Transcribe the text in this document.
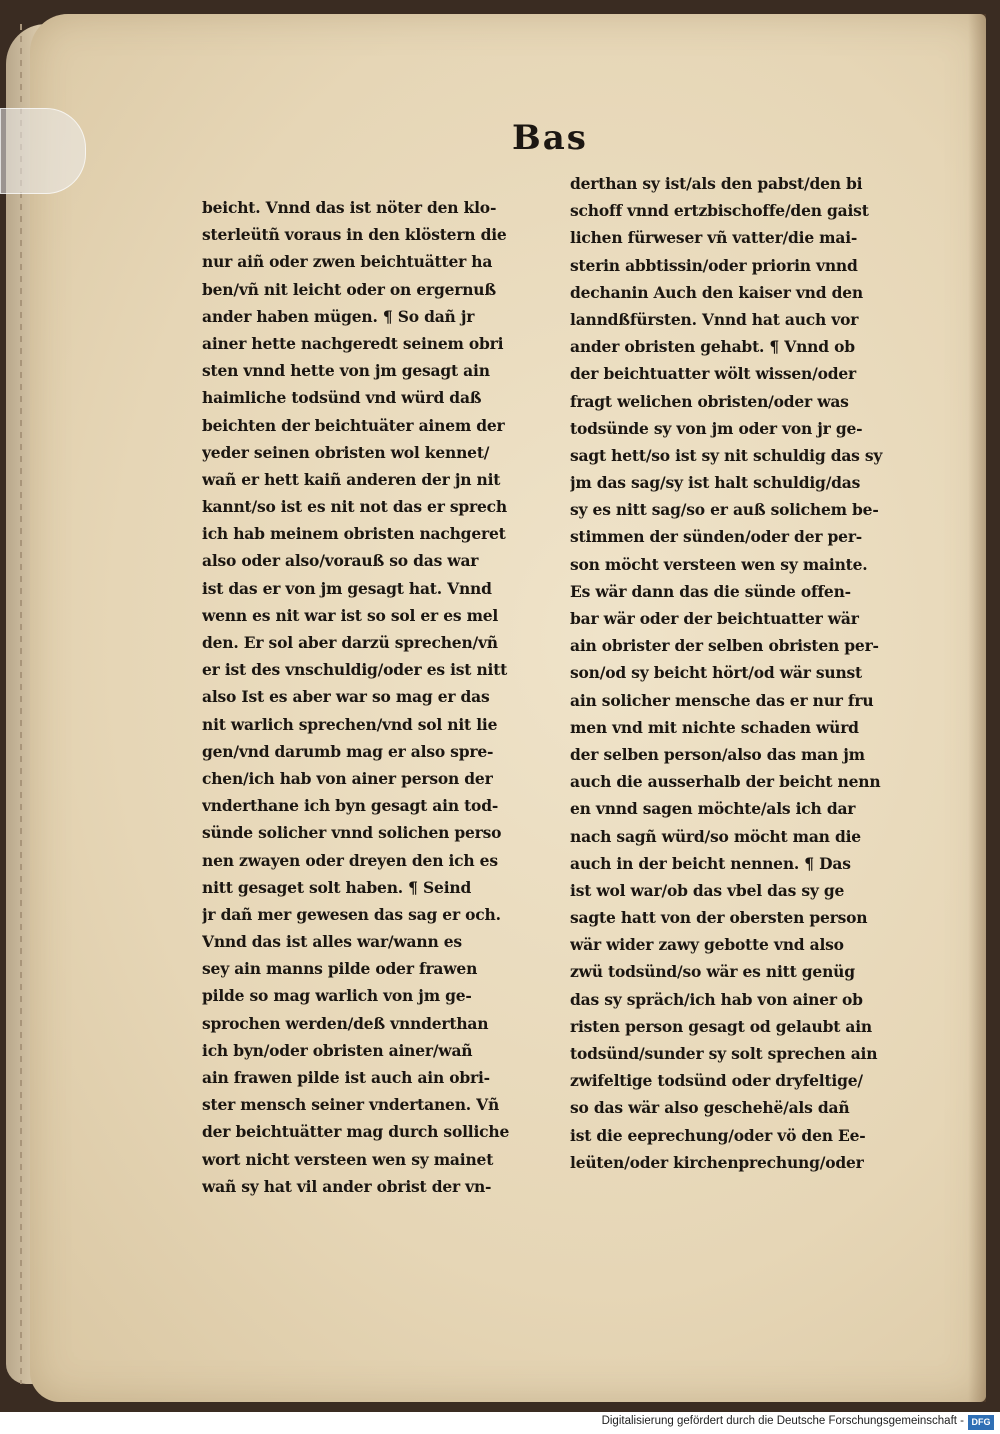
Bas
beicht. Vnnd das ist nöter den klo-
sterleütñ voraus in den klöstern die
nur aiñ oder zwen beichtuätter ha
ben/vñ nit leicht oder on ergernuß
ander haben mügen. ¶ So dañ jr
ainer hette nachgeredt seinem obri
sten vnnd hette von jm gesagt ain
haimliche todsünd vnd würd daß
beichten der beichtuäter ainem der
yeder seinen obristen wol kennet/
wañ er hett kaiñ anderen der jn nit
kannt/so ist es nit not das er sprech
ich hab meinem obristen nachgeret
also oder also/vorauß so das war
ist das er von jm gesagt hat. Vnnd
wenn es nit war ist so sol er es mel
den. Er sol aber darzü sprechen/vñ
er ist des vnschuldig/oder es ist nitt
also Ist es aber war so mag er das
nit warlich sprechen/vnd sol nit lie
gen/vnd darumb mag er also spre-
chen/ich hab von ainer person der
vnderthane ich byn gesagt ain tod-
sünde solicher vnnd solichen perso
nen zwayen oder dreyen den ich es
nitt gesaget solt haben. ¶ Seind
jr dañ mer gewesen das sag er och.
Vnnd das ist alles war/wann es
sey ain manns pilde oder frawen
pilde so mag warlich von jm ge-
sprochen werden/deß vnnderthan
ich byn/oder obristen ainer/wañ
ain frawen pilde ist auch ain obri-
ster mensch seiner vndertanen. Vñ
der beichtuätter mag durch solliche
wort nicht versteen wen sy mainet
wañ sy hat vil ander obrist der vn-
derthan sy ist/als den pabst/den bi
schoff vnnd ertzbischoffe/den gaist
lichen fürweser vñ vatter/die mai-
sterin abbtissin/oder priorin vnnd
dechanin Auch den kaiser vnd den
lanndßfürsten. Vnnd hat auch vor
ander obristen gehabt. ¶ Vnnd ob
der beichtuatter wölt wissen/oder
fragt welichen obristen/oder was
todsünde sy von jm oder von jr ge-
sagt hett/so ist sy nit schuldig das sy
jm das sag/sy ist halt schuldig/das
sy es nitt sag/so er auß solichem be-
stimmen der sünden/oder der per-
son möcht versteen wen sy mainte.
Es wär dann das die sünde offen-
bar wär oder der beichtuatter wär
ain obrister der selben obristen per-
son/od sy beicht hört/od wär sunst
ain solicher mensche das er nur fru
men vnd mit nichte schaden würd
der selben person/also das man jm
auch die ausserhalb der beicht nenn
en vnnd sagen möchte/als ich dar
nach sagñ würd/so möcht man die
auch in der beicht nennen. ¶ Das
ist wol war/ob das vbel das sy ge
sagte hatt von der obersten person
wär wider zawy gebotte vnd also
zwü todsünd/so wär es nitt genüg
das sy spräch/ich hab von ainer ob
risten person gesagt od gelaubt ain
todsünd/sunder sy solt sprechen ain
zwifeltige todsünd oder dryfeltige/
so das wär also geschehë/als dañ
ist die eeprechung/oder vö den Ee-
leüten/oder kirchenprechung/oder
Digitalisierung gefördert durch die Deutsche Forschungsgemeinschaft - DFG
